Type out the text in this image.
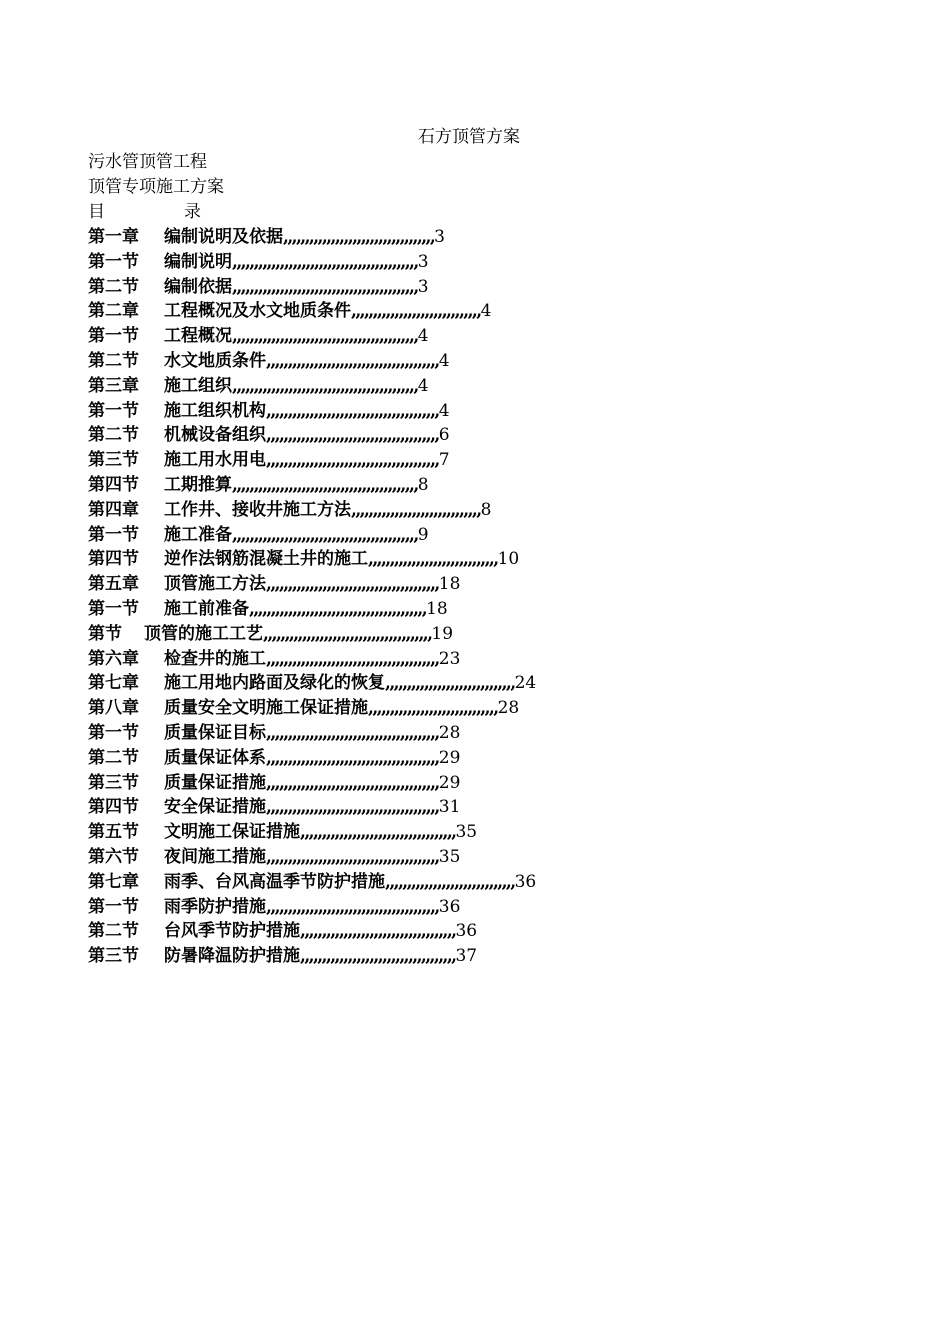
石方顶管方案
污水管顶管工程
顶管专项施工方案
目	录
第一章 编制说明及依据,,,,,,,,,,,,,,,,,,,,,,,,,,,,,,,,,,,3
第一节 编制说明,,,,,,,,,,,,,,,,,,,,,,,,,,,,,,,,,,,,,,,,,,,3
第二节 编制依据,,,,,,,,,,,,,,,,,,,,,,,,,,,,,,,,,,,,,,,,,,,3
第二章 工程概况及水文地质条件,,,,,,,,,,,,,,,,,,,,,,,,,,,,,,4
第一节 工程概况,,,,,,,,,,,,,,,,,,,,,,,,,,,,,,,,,,,,,,,,,,,4
第二节 水文地质条件,,,,,,,,,,,,,,,,,,,,,,,,,,,,,,,,,,,,,,,,4
第三章 施工组织,,,,,,,,,,,,,,,,,,,,,,,,,,,,,,,,,,,,,,,,,,,4
第一节 施工组织机构,,,,,,,,,,,,,,,,,,,,,,,,,,,,,,,,,,,,,,,,4
第二节 机械设备组织,,,,,,,,,,,,,,,,,,,,,,,,,,,,,,,,,,,,,,,,6
第三节 施工用水用电,,,,,,,,,,,,,,,,,,,,,,,,,,,,,,,,,,,,,,,,7
第四节 工期推算,,,,,,,,,,,,,,,,,,,,,,,,,,,,,,,,,,,,,,,,,,,8
第四章 工作井、接收井施工方法,,,,,,,,,,,,,,,,,,,,,,,,,,,,,,8
第一节 施工准备,,,,,,,,,,,,,,,,,,,,,,,,,,,,,,,,,,,,,,,,,,,9
第四节 逆作法钢筋混凝土井的施工,,,,,,,,,,,,,,,,,,,,,,,,,,,,,,10
第五章 顶管施工方法,,,,,,,,,,,,,,,,,,,,,,,,,,,,,,,,,,,,,,,,18
第一节 施工前准备,,,,,,,,,,,,,,,,,,,,,,,,,,,,,,,,,,,,,,,,,18
第节 顶管的施工工艺,,,,,,,,,,,,,,,,,,,,,,,,,,,,,,,,,,,,,,,19
第六章 检查井的施工,,,,,,,,,,,,,,,,,,,,,,,,,,,,,,,,,,,,,,,,23
第七章 施工用地内路面及绿化的恢复,,,,,,,,,,,,,,,,,,,,,,,,,,,,,,24
第八章 质量安全文明施工保证措施,,,,,,,,,,,,,,,,,,,,,,,,,,,,,,28
第一节 质量保证目标,,,,,,,,,,,,,,,,,,,,,,,,,,,,,,,,,,,,,,,,28
第二节 质量保证体系,,,,,,,,,,,,,,,,,,,,,,,,,,,,,,,,,,,,,,,,29
第三节 质量保证措施,,,,,,,,,,,,,,,,,,,,,,,,,,,,,,,,,,,,,,,,29
第四节 安全保证措施,,,,,,,,,,,,,,,,,,,,,,,,,,,,,,,,,,,,,,,,31
第五节 文明施工保证措施,,,,,,,,,,,,,,,,,,,,,,,,,,,,,,,,,,,,35
第六节 夜间施工措施,,,,,,,,,,,,,,,,,,,,,,,,,,,,,,,,,,,,,,,,35
第七章 雨季、台风高温季节防护措施,,,,,,,,,,,,,,,,,,,,,,,,,,,,,,36
第一节 雨季防护措施,,,,,,,,,,,,,,,,,,,,,,,,,,,,,,,,,,,,,,,,36
第二节 台风季节防护措施,,,,,,,,,,,,,,,,,,,,,,,,,,,,,,,,,,,,36
第三节 防暑降温防护措施,,,,,,,,,,,,,,,,,,,,,,,,,,,,,,,,,,,,37
